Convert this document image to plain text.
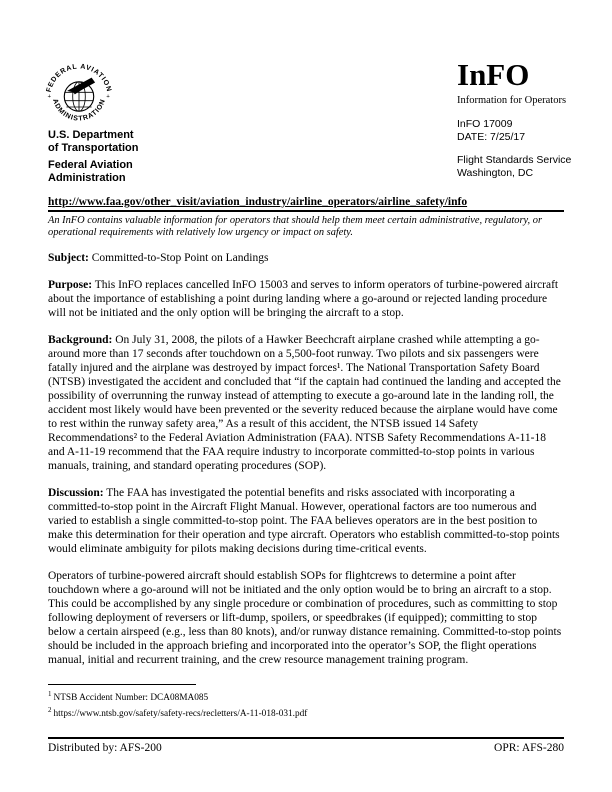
FEDERAL AVIATION
ADMINISTRATION
+	+
U.S. Department
of Transportation
Federal Aviation
Administration
InFO
Information for Operators
InFO 17009
DATE: 7/25/17
Flight Standards Service
Washington, DC
http://www.faa.gov/other_visit/aviation_industry/airline_operators/airline_safety/info
An InFO contains valuable information for operators that should help them meet certain administrative, regulatory, or operational requirements with relatively low urgency or impact on safety.
Subject: Committed-to-Stop Point on Landings
Purpose: This InFO replaces cancelled InFO 15003 and serves to inform operators of turbine-powered aircraft about the importance of establishing a point during landing where a go-around or rejected landing procedure will not be initiated and the only option will be bringing the aircraft to a stop.
Background: On July 31, 2008, the pilots of a Hawker Beechcraft airplane crashed while attempting a go-around more than 17 seconds after touchdown on a 5,500-foot runway. Two pilots and six passengers were fatally injured and the airplane was destroyed by impact forces¹. The National Transportation Safety Board (NTSB) investigated the accident and concluded that “if the captain had continued the landing and accepted the possibility of overrunning the runway instead of attempting to execute a go-around late in the landing roll, the accident most likely would have been prevented or the severity reduced because the airplane would have come to rest within the runway safety area,” As a result of this accident, the NTSB issued 14 Safety Recommendations² to the Federal Aviation Administration (FAA). NTSB Safety Recommendations A-11-18 and A-11-19 recommend that the FAA require industry to incorporate committed-to-stop points in various manuals, training, and standard operating procedures (SOP).
Discussion: The FAA has investigated the potential benefits and risks associated with incorporating a committed-to-stop point in the Aircraft Flight Manual. However, operational factors are too numerous and varied to establish a single committed-to-stop point. The FAA believes operators are in the best position to make this determination for their operation and type aircraft. Operators who establish committed-to-stop points would eliminate ambiguity for pilots making decisions during time-critical events.
Operators of turbine-powered aircraft should establish SOPs for flightcrews to determine a point after touchdown where a go-around will not be initiated and the only option would be to bring an aircraft to a stop. This could be accomplished by any single procedure or combination of procedures, such as committing to stop following deployment of reversers or lift-dump, spoilers, or speedbrakes (if equipped); committing to stop below a certain airspeed (e.g., less than 80 knots), and/or runway distance remaining. Committed-to-stop points should be included in the approach briefing and incorporated into the operator’s SOP, the flight operations manual, initial and recurrent training, and the crew resource management training program.
$^1$ NTSB Accident Number: DCA08MA085
$^2$ https://www.ntsb.gov/safety/safety-recs/recletters/A-11-018-031.pdf
Distributed by: AFS-200	OPR: AFS-280
